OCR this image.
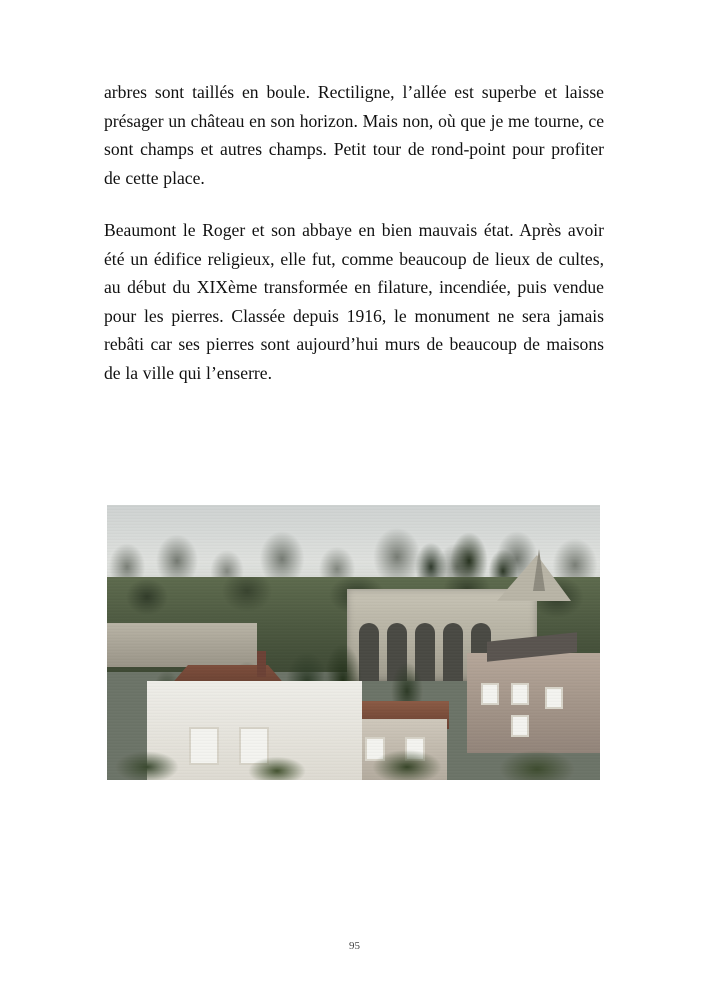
arbres sont taillés en boule. Rectiligne, l’allée est superbe et laisse présager un château en son horizon. Mais non, où que je me tourne, ce sont champs et autres champs. Petit tour de rond-point pour profiter de cette place.

Beaumont le Roger et son abbaye en bien mauvais état. Après avoir été un édifice religieux, elle fut, comme beaucoup de lieux de cultes, au début du XIXème transformée en filature, incendiée, puis vendue pour les pierres. Classée depuis 1916, le monument ne sera jamais rebâti car ses pierres sont aujourd’hui murs de beaucoup de maisons de la ville qui l’enserre.

95
